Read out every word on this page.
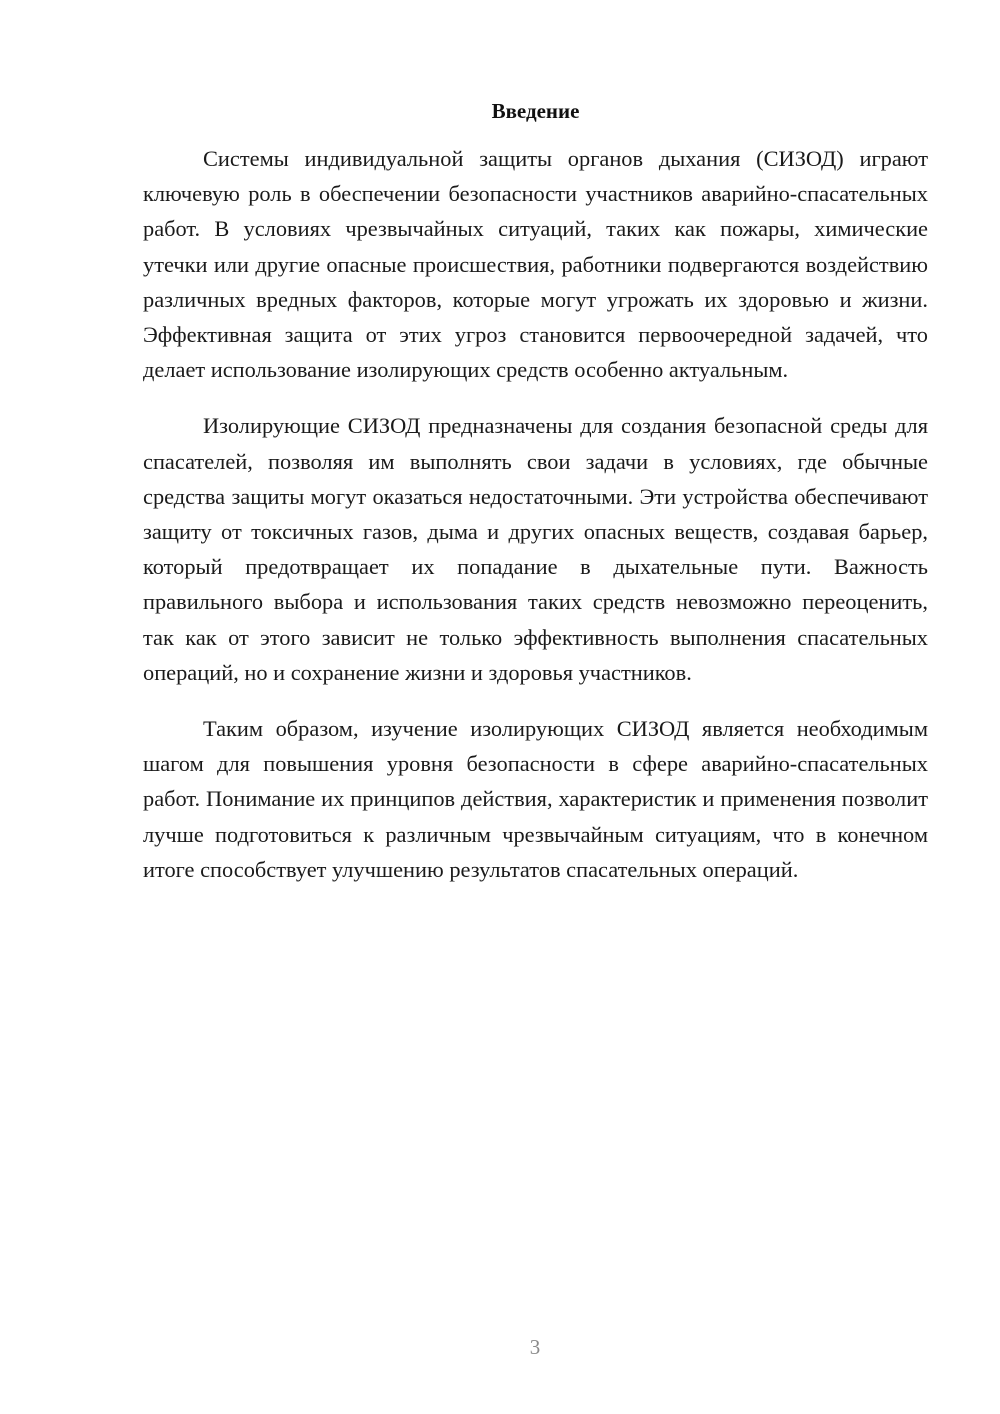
Введение

Системы индивидуальной защиты органов дыхания (СИЗОД) играют ключевую роль в обеспечении безопасности участников аварийно-спасательных работ. В условиях чрезвычайных ситуаций, таких как пожары, химические утечки или другие опасные происшествия, работники подвергаются воздействию различных вредных факторов, которые могут угрожать их здоровью и жизни. Эффективная защита от этих угроз становится первоочередной задачей, что делает использование изолирующих средств особенно актуальным.

Изолирующие СИЗОД предназначены для создания безопасной среды для спасателей, позволяя им выполнять свои задачи в условиях, где обычные средства защиты могут оказаться недостаточными. Эти устройства обеспечивают защиту от токсичных газов, дыма и других опасных веществ, создавая барьер, который предотвращает их попадание в дыхательные пути. Важность правильного выбора и использования таких средств невозможно переоценить, так как от этого зависит не только эффективность выполнения спасательных операций, но и сохранение жизни и здоровья участников.

Таким образом, изучение изолирующих СИЗОД является необходимым шагом для повышения уровня безопасности в сфере аварийно-спасательных работ. Понимание их принципов действия, характеристик и применения позволит лучше подготовиться к различным чрезвычайным ситуациям, что в конечном итоге способствует улучшению результатов спасательных операций.

3
